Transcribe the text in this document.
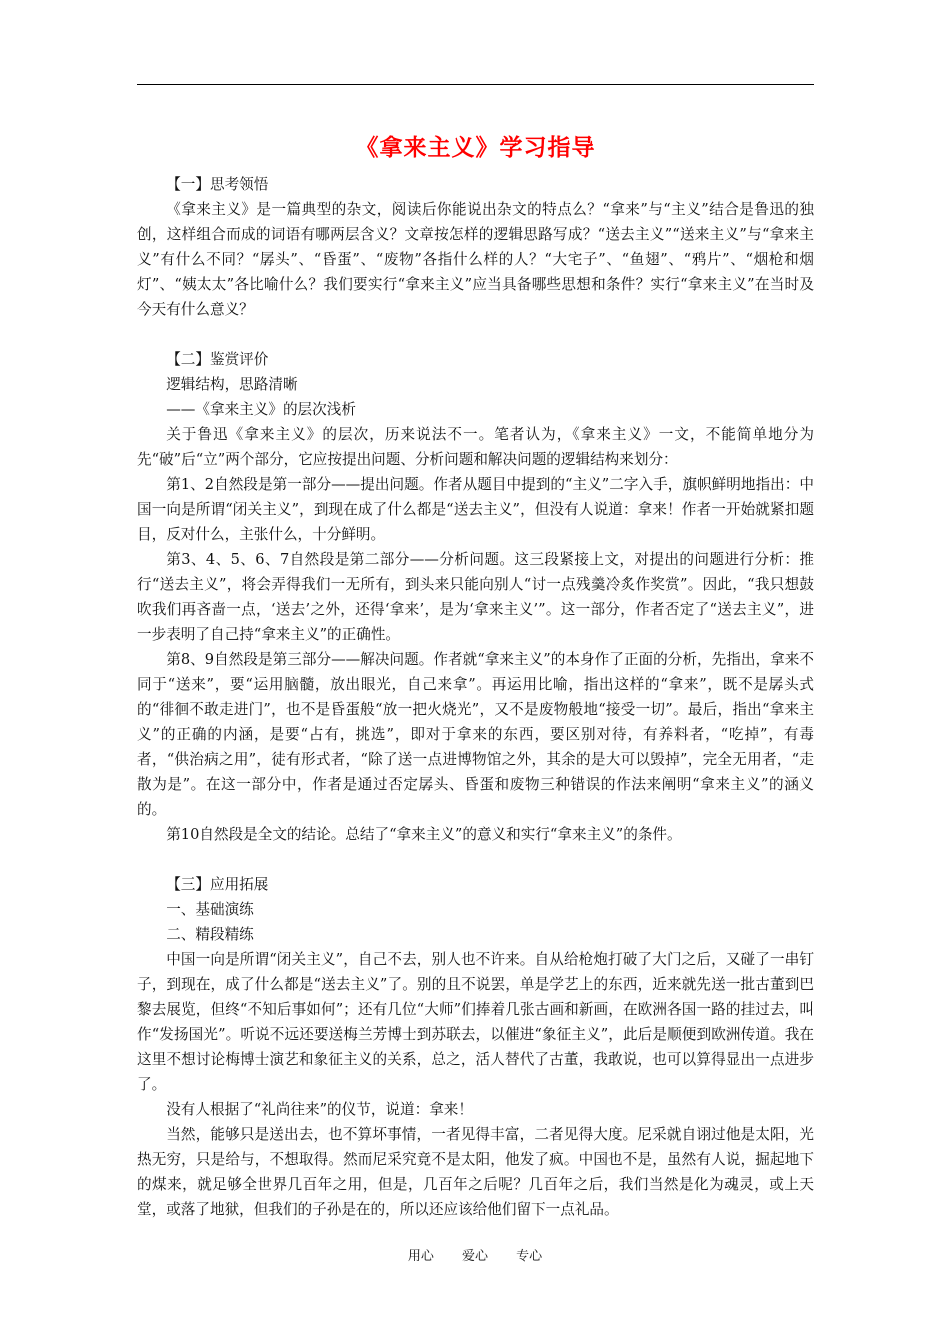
《拿来主义》学习指导

【一】思考领悟

《拿来主义》是一篇典型的杂文，阅读后你能说出杂文的特点么？“拿来”与“主义”结合是鲁迅的独创，这样组合而成的词语有哪两层含义？文章按怎样的逻辑思路写成？“送去主义”“送来主义”与“拿来主义”有什么不同？“孱头”、“昏蛋”、“废物”各指什么样的人？“大宅子”、“鱼翅”、“鸦片”、“烟枪和烟灯”、“姨太太”各比喻什么？我们要实行“拿来主义”应当具备哪些思想和条件？实行“拿来主义”在当时及今天有什么意义？

【二】鉴赏评价

逻辑结构，思路清晰

——《拿来主义》的层次浅析

关于鲁迅《拿来主义》的层次，历来说法不一。笔者认为，《拿来主义》一文，不能简单地分为先“破”后“立”两个部分，它应按提出问题、分析问题和解决问题的逻辑结构来划分：

第1、2自然段是第一部分——提出问题。作者从题目中提到的“主义”二字入手，旗帜鲜明地指出：中国一向是所谓“闭关主义”，到现在成了什么都是“送去主义”，但没有人说道：拿来！作者一开始就紧扣题目，反对什么，主张什么，十分鲜明。

第3、4、5、6、7自然段是第二部分——分析问题。这三段紧接上文，对提出的问题进行分析：推行“送去主义”，将会弄得我们一无所有，到头来只能向别人“讨一点残羹冷炙作奖赏”。因此，“我只想鼓吹我们再吝啬一点，‘送去’之外，还得‘拿来’，是为‘拿来主义’”。这一部分，作者否定了“送去主义”，进一步表明了自己持“拿来主义”的正确性。

第8、9自然段是第三部分——解决问题。作者就“拿来主义”的本身作了正面的分析，先指出，拿来不同于“送来”，要“运用脑髓，放出眼光，自己来拿”。再运用比喻，指出这样的“拿来”，既不是孱头式的“徘徊不敢走进门”，也不是昏蛋般“放一把火烧光”，又不是废物般地“接受一切”。最后，指出“拿来主义”的正确的内涵，是要“占有，挑选”，即对于拿来的东西，要区别对待，有养料者，“吃掉”，有毒者，“供治病之用”，徒有形式者，“除了送一点进博物馆之外，其余的是大可以毁掉”，完全无用者，“走散为是”。在这一部分中，作者是通过否定孱头、昏蛋和废物三种错误的作法来阐明“拿来主义”的涵义的。

第10自然段是全文的结论。总结了“拿来主义”的意义和实行“拿来主义”的条件。

【三】应用拓展

一、基础演练

二、精段精练

中国一向是所谓“闭关主义”，自己不去，别人也不许来。自从给枪炮打破了大门之后，又碰了一串钉子，到现在，成了什么都是“送去主义”了。别的且不说罢，单是学艺上的东西，近来就先送一批古董到巴黎去展览，但终“不知后事如何”；还有几位“大师”们捧着几张古画和新画，在欧洲各国一路的挂过去，叫作“发扬国光”。听说不远还要送梅兰芳博士到苏联去，以催进“象征主义”，此后是顺便到欧洲传道。我在这里不想讨论梅博士演艺和象征主义的关系，总之，活人替代了古董，我敢说，也可以算得显出一点进步了。

没有人根据了“礼尚往来”的仪节，说道：拿来！

当然，能够只是送出去，也不算坏事情，一者见得丰富，二者见得大度。尼采就自诩过他是太阳，光热无穷，只是给与，不想取得。然而尼采究竟不是太阳，他发了疯。中国也不是，虽然有人说，掘起地下的煤来，就足够全世界几百年之用，但是，几百年之后呢？几百年之后，我们当然是化为魂灵，或上天堂，或落了地狱，但我们的子孙是在的，所以还应该给他们留下一点礼品。

用心 爱心 专心
